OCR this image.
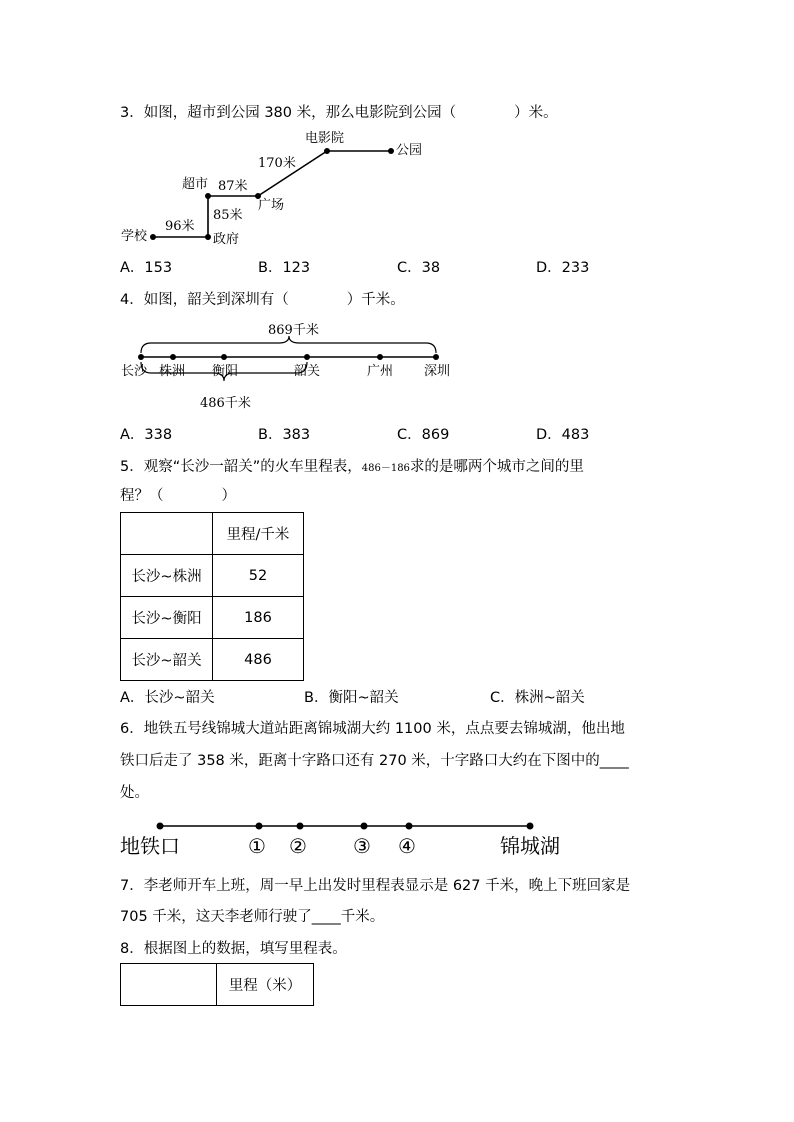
3．如图，超市到公园 380 米，那么电影院到公园（　　　　）米。
电影院
公园
170米
超市 87米
广场
85米
96米
学校	政府
A．153	B．123	C．38	D．233
4．如图，韶关到深圳有（　　　　）千米。
869千米
长沙 株洲 衡阳	韶关	广州 深圳
486千米
A．338	B．383	C．869	D．483
5．观察“长沙一韶关”的火车里程表，486－186求的是哪两个城市之间的里
程？（　　　　）
	里程/千米
长沙~株洲	52
长沙~衡阳	186
长沙~韶关	486
A．长沙~韶关	B．衡阳~韶关	C．株洲~韶关
6．地铁五号线锦城大道站距离锦城湖大约 1100 米，点点要去锦城湖，他出地
铁口后走了 358 米，距离十字路口还有 270 米，十字路口大约在下图中的____
处。
地铁口	① ② ③ ④	锦城湖
7．李老师开车上班，周一早上出发时里程表显示是 627 千米，晚上下班回家是
705 千米，这天李老师行驶了____千米。
8．根据图上的数据，填写里程表。
	里程（米）
